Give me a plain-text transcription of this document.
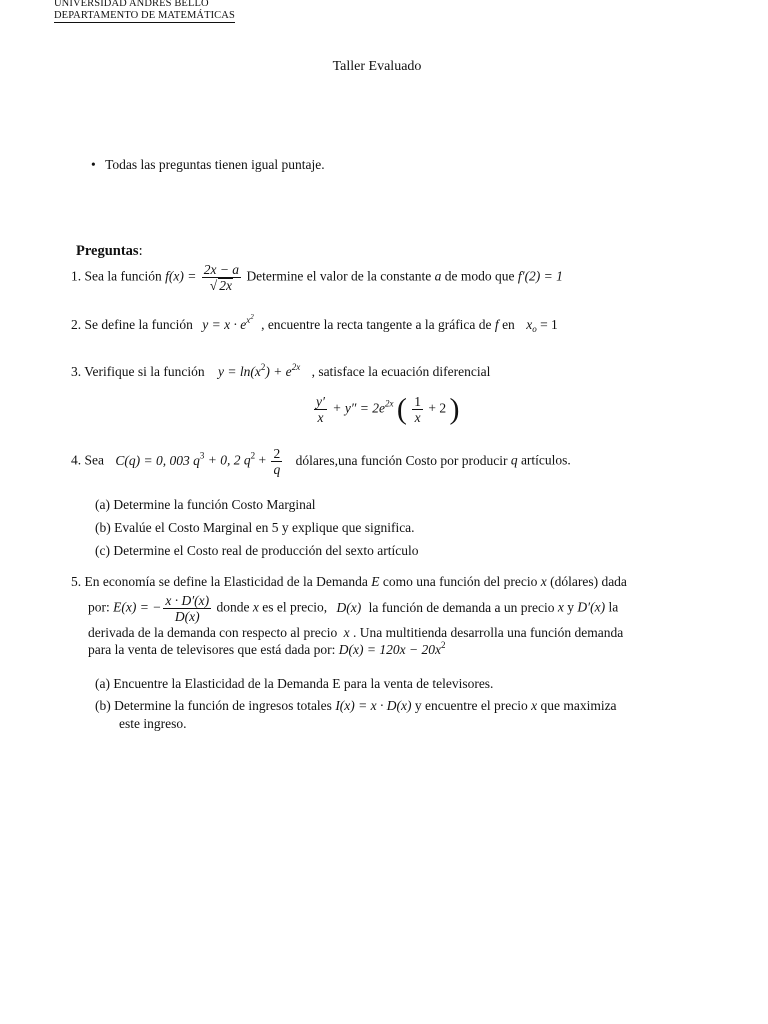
UNIVERSIDAD ANDRES BELLO
DEPARTAMENTO DE MATEMÁTICAS
Taller Evaluado
• Todas las preguntas tienen igual puntaje.
Preguntas:
1. Sea la función $f(x) = \frac{2x - a}{√ 2x}$ Determine el valor de la constante a de modo que f′(2) = 1
2. Se define la función $y = x \cdot e^{x^2}$ , encuentre la recta tangente a la gráfica de f en $x_o = 1$
3. Verifique si la función $y = \ln(x^2) + e^{2x}$ , satisface la ecuación diferencial
$\frac{y'}{x} + y'' = 2e^{2x}$ ( $\frac{1}{x} + 2$ )
4. Sea C(q) = 0, 003 $q^3 + 0$, 2 $q^2 + \frac{2}{q}$ dólares,una función Costo por producir q artículos.
(a) Determine la función Costo Marginal
(b) Evalúe el Costo Marginal en 5 y explique que significa.
(c) Determine el Costo real de producción del sexto artículo
5. En economía se define la Elasticidad de la Demanda E como una función del precio x (dólares) dada
por: E(x) = − $\frac{x \cdot D'(x)}{D(x)}$ donde x es el precio, D(x) la función de demanda a un precio x y D′(x) la
derivada de la demanda con respecto al precio x . Una multitienda desarrolla una función demanda
para la venta de televisores que está dada por: $D(x) = 120x - 20x^2$
(a) Encuentre la Elasticidad de la Demanda E para la venta de televisores.
(b) Determine la función de ingresos totales I(x) = x · D(x) y encuentre el precio x que maximiza
este ingreso.
